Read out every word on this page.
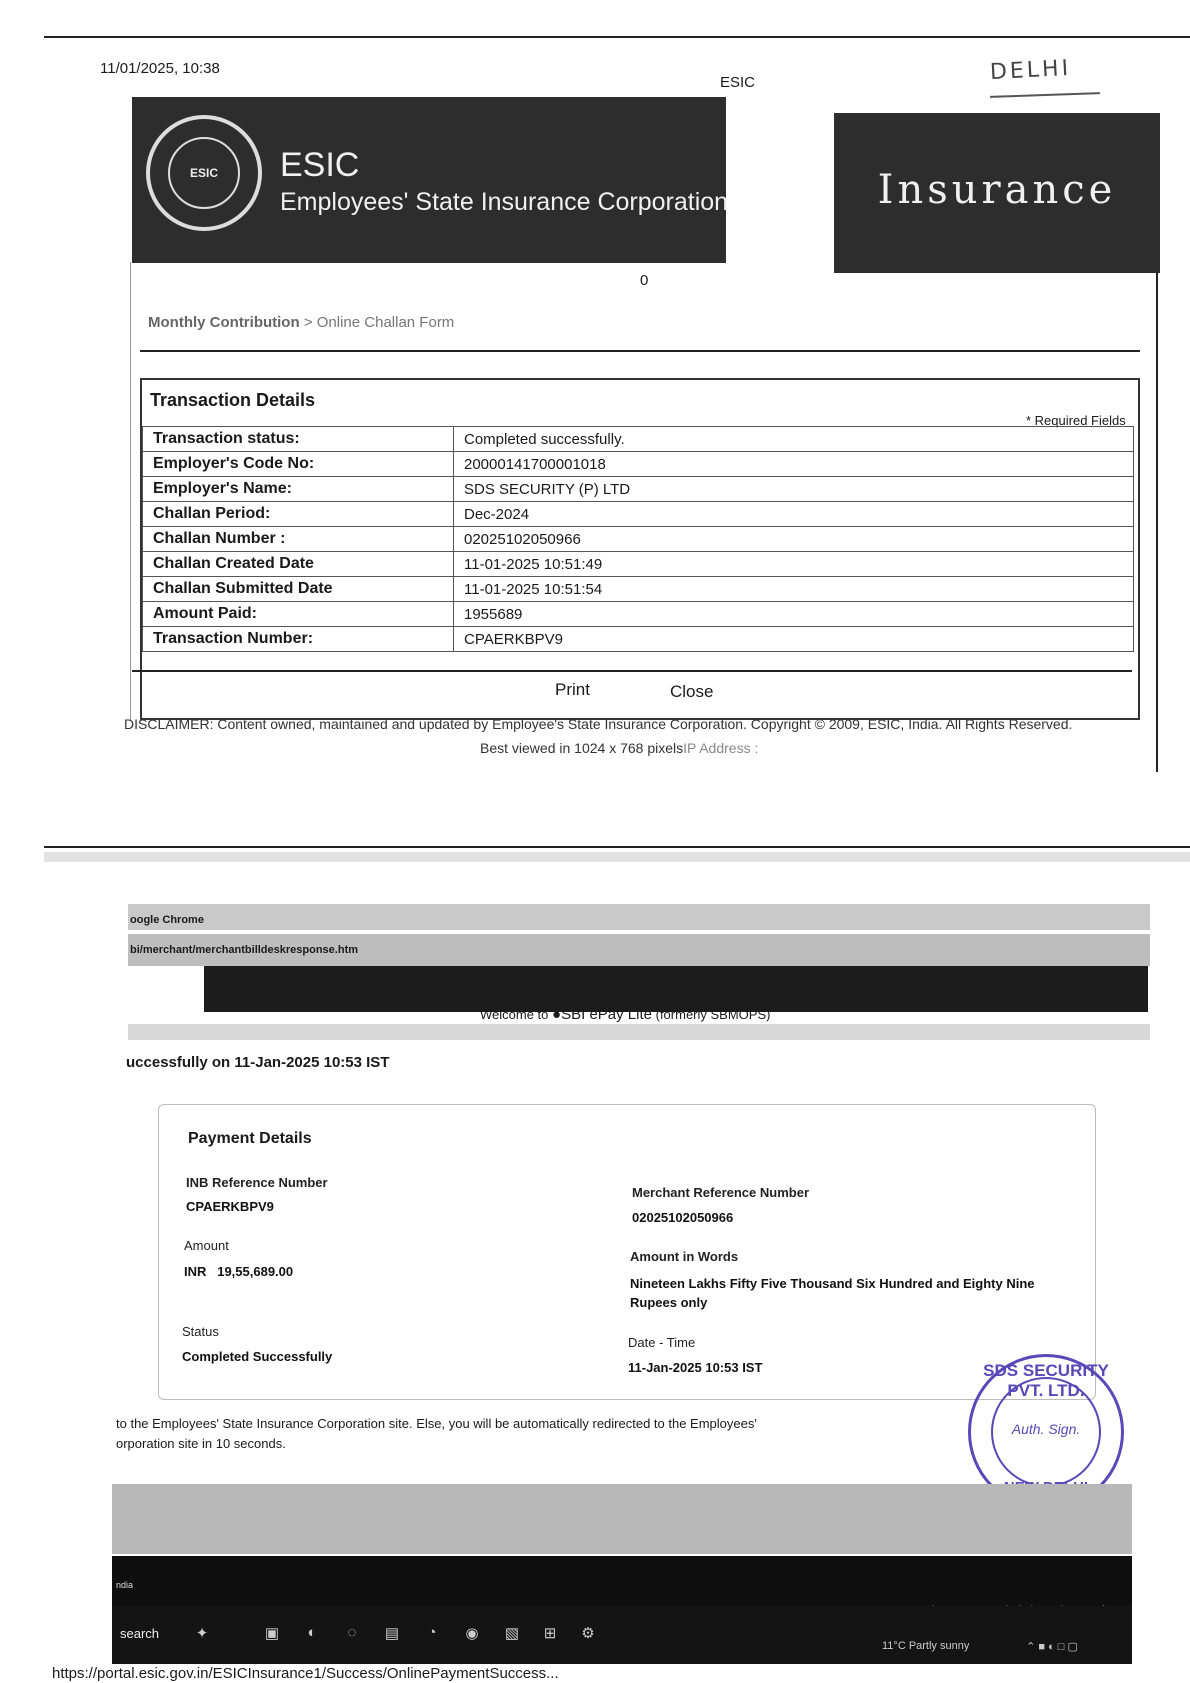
11/01/2025, 10:38
ESIC	DELHI
ESIC	ESIC
Employees' State Insurance Corporation	Insurance
0
Monthly Contribution > Online Challan Form
Transaction Details
* Required Fields
Transaction status:	Completed successfully.
Employer's Code No:	20000141700001018
Employer's Name:	SDS SECURITY (P) LTD
Challan Period:	Dec-2024
Challan Number :	02025102050966
Challan Created Date	11-01-2025 10:51:49
Challan Submitted Date	11-01-2025 10:51:54
Amount Paid:	1955689
Transaction Number:	CPAERKBPV9
Print	Close
DISCLAIMER: Content owned, maintained and updated by Employee's State Insurance Corporation. Copyright © 2009, ESIC, India. All Rights Reserved.
Best viewed in 1024 x 768 pixelsIP Address :
oogle Chrome
bi/merchant/merchantbilldeskresponse.htm
Welcome to ●SBI ePay Lite (formerly SBMOPS)
uccessfully on 11-Jan-2025 10:53 IST
Payment Details
INB Reference Number
CPAERKBPV9
Merchant Reference Number
02025102050966
Amount
INR   19,55,689.00
Amount in Words
Nineteen Lakhs Fifty Five Thousand Six Hundred and Eighty Nine
Rupees only
Status
Completed Successfully
Date - Time
11-Jan-2025 10:53 IST
to the Employees' State Insurance Corporation site. Else, you will be automatically redirected to the Employees'
orporation site in 10 seconds.
SDS SECURITY PVT. LTD.
Auth. Sign.
ndia
search ✦	▣	◐	◌	▤	◔	◉ ▧ ⊞ ⚙
11°C Partly sunny	⌃ ■ ◐ □ ▢
https://portal.esic.gov.in/ESICInsurance1/Success/OnlinePaymentSuccess...
